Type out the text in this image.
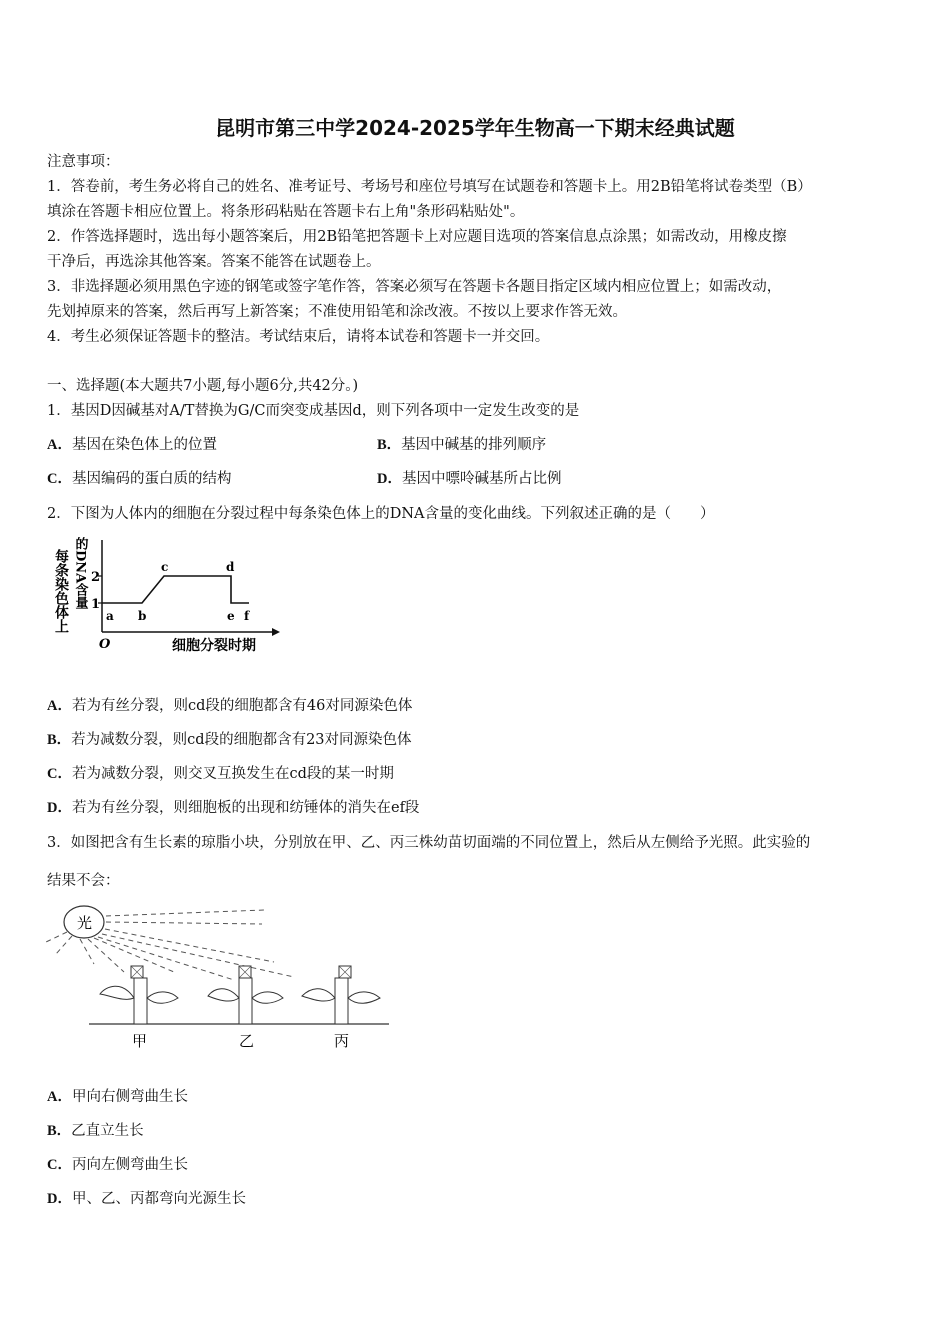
昆明市第三中学2024-2025学年生物高一下期末经典试题
注意事项：
1．答卷前，考生务必将自己的姓名、准考证号、考场号和座位号填写在试题卷和答题卡上。用2B铅笔将试卷类型（B）
填涂在答题卡相应位置上。将条形码粘贴在答题卡右上角"条形码粘贴处"。
2．作答选择题时，选出每小题答案后，用2B铅笔把答题卡上对应题目选项的答案信息点涂黑；如需改动，用橡皮擦
干净后，再选涂其他答案。答案不能答在试题卷上。
3．非选择题必须用黑色字迹的钢笔或签字笔作答，答案必须写在答题卡各题目指定区域内相应位置上；如需改动，
先划掉原来的答案，然后再写上新答案；不准使用铅笔和涂改液。不按以上要求作答无效。
4．考生必须保证答题卡的整洁。考试结束后，请将本试卷和答题卡一并交回。
一、选择题(本大题共7小题,每小题6分,共42分。)
1．基因D因碱基对A/T替换为G/C而突变成基因d，则下列各项中一定发生改变的是
A．基因在染色体上的位置	B．基因中碱基的排列顺序
C．基因编码的蛋白质的结构	D．基因中嘌呤碱基所占比例
2．下图为人体内的细胞在分裂过程中每条染色体上的DNA含量的变化曲线。下列叙述正确的是（　　）
每条染色体上 的DNA含量 1
2
a b
c	d
e f
O	细胞分裂时期
A．若为有丝分裂，则cd段的细胞都含有46对同源染色体
B．若为减数分裂，则cd段的细胞都含有23对同源染色体
C．若为减数分裂，则交叉互换发生在cd段的某一时期
D．若为有丝分裂，则细胞板的出现和纺锤体的消失在ef段
3．如图把含有生长素的琼脂小块，分别放在甲、乙、丙三株幼苗切面端的不同位置上，然后从左侧给予光照。此实验的
结果不会：
光
甲	乙	丙
A．甲向右侧弯曲生长
B．乙直立生长
C．丙向左侧弯曲生长
D．甲、乙、丙都弯向光源生长
